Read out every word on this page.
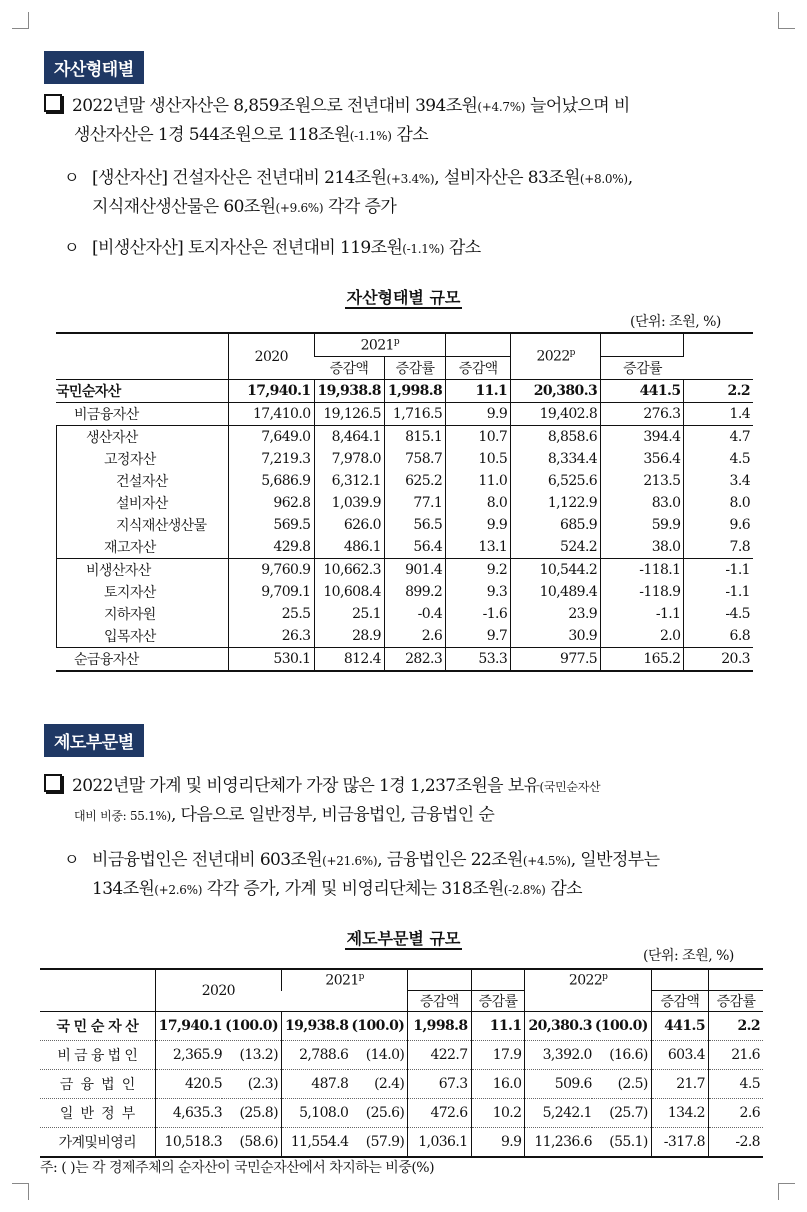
자산형태별
2022년말 생산자산은 8,859조원으로 전년대비 394조원(+4.7%) 늘어났으며 비
생산자산은 1경 544조원으로 118조원(-1.1%) 감소
ㅇ [생산자산] 건설자산은 전년대비 214조원(+3.4%), 설비자산은 83조원(+8.0%),
지식재산생산물은 60조원(+9.6%) 각각 증가
ㅇ [비생산자산] 토지자산은 전년대비 119조원(-1.1%) 감소
자산형태별 규모
(단위: 조원, %)
	2020	2021$^p$			2022$^p$		
		증감액	증감률	증감액		증감률	
국민순자산	17,940.1	19,938.8	1,998.8	11.1	20,380.3	441.5	2.2
비금융자산	17,410.0	19,126.5	1,716.5	9.9	19,402.8	276.3	1.4
생산자산	7,649.0	8,464.1	815.1	10.7	8,858.6	394.4	4.7
고정자산	7,219.3	7,978.0	758.7	10.5	8,334.4	356.4	4.5
건설자산	5,686.9	6,312.1	625.2	11.0	6,525.6	213.5	3.4
설비자산	962.8	1,039.9	77.1	8.0	1,122.9	83.0	8.0
지식재산생산물	569.5	626.0	56.5	9.9	685.9	59.9	9.6
재고자산	429.8	486.1	56.4	13.1	524.2	38.0	7.8
비생산자산	9,760.9	10,662.3	901.4	9.2	10,544.2	-118.1	-1.1
토지자산	9,709.1	10,608.4	899.2	9.3	10,489.4	-118.9	-1.1
지하자원	25.5	25.1	-0.4	-1.6	23.9	-1.1	-4.5
입목자산	26.3	28.9	2.6	9.7	30.9	2.0	6.8
순금융자산	530.1	812.4	282.3	53.3	977.5	165.2	20.3
제도부문별
2022년말 가계 및 비영리단체가 가장 많은 1경 1,237조원을 보유(국민순자산
대비 비중: 55.1%), 다음으로 일반정부, 비금융법인, 금융법인 순
ㅇ 비금융법인은 전년대비 603조원(+21.6%), 금융법인은 22조원(+4.5%), 일반정부는
134조원(+2.6%) 각각 증가, 가계 및 비영리단체는 318조원(-2.8%) 감소
제도부문별 규모
(단위: 조원, %)
	2020		2021$^p$				2022$^p$		
					증감액	증감률			증감액	증감률
국 민 순 자 산	17,940.1	(100.0)	19,938.8	(100.0)	1,998.8	11.1	20,380.3	(100.0)	441.5	2.2
비 금 융 법 인	2,365.9	(13.2)	2,788.6	(14.0)	422.7	17.9	3,392.0	(16.6)	603.4	21.6
금  융  법  인	420.5	(2.3)	487.8	(2.4)	67.3	16.0	509.6	(2.5)	21.7	4.5
일  반  정  부	4,635.3	(25.8)	5,108.0	(25.6)	472.6	10.2	5,242.1	(25.7)	134.2	2.6
가계및비영리	10,518.3	(58.6)	11,554.4	(57.9)	1,036.1	9.9	11,236.6	(55.1)	-317.8	-2.8
주: ( )는 각 경제주체의 순자산이 국민순자산에서 차지하는 비중(%)
